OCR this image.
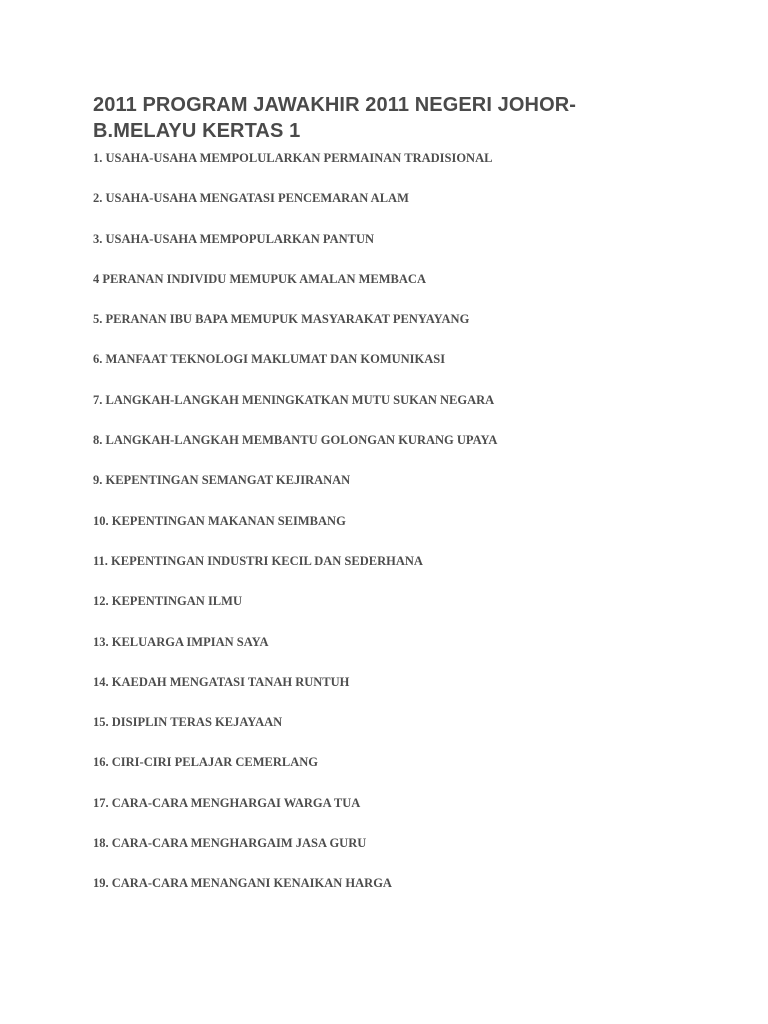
2011 PROGRAM JAWAKHIR 2011 NEGERI JOHOR-
B.MELAYU KERTAS 1
1. USAHA-USAHA MEMPOLULARKAN PERMAINAN TRADISIONAL
2. USAHA-USAHA MENGATASI PENCEMARAN ALAM
3. USAHA-USAHA MEMPOPULARKAN PANTUN
4 PERANAN INDIVIDU MEMUPUK AMALAN MEMBACA
5. PERANAN IBU BAPA MEMUPUK MASYARAKAT PENYAYANG
6. MANFAAT TEKNOLOGI MAKLUMAT DAN KOMUNIKASI
7. LANGKAH-LANGKAH MENINGKATKAN MUTU SUKAN NEGARA
8. LANGKAH-LANGKAH MEMBANTU GOLONGAN KURANG UPAYA
9. KEPENTINGAN SEMANGAT KEJIRANAN
10. KEPENTINGAN MAKANAN SEIMBANG
11. KEPENTINGAN INDUSTRI KECIL DAN SEDERHANA
12. KEPENTINGAN ILMU
13. KELUARGA IMPIAN SAYA
14. KAEDAH MENGATASI TANAH RUNTUH
15. DISIPLIN TERAS KEJAYAAN
16. CIRI-CIRI PELAJAR CEMERLANG
17. CARA-CARA MENGHARGAI WARGA TUA
18. CARA-CARA MENGHARGAIM JASA GURU
19. CARA-CARA MENANGANI KENAIKAN HARGA
